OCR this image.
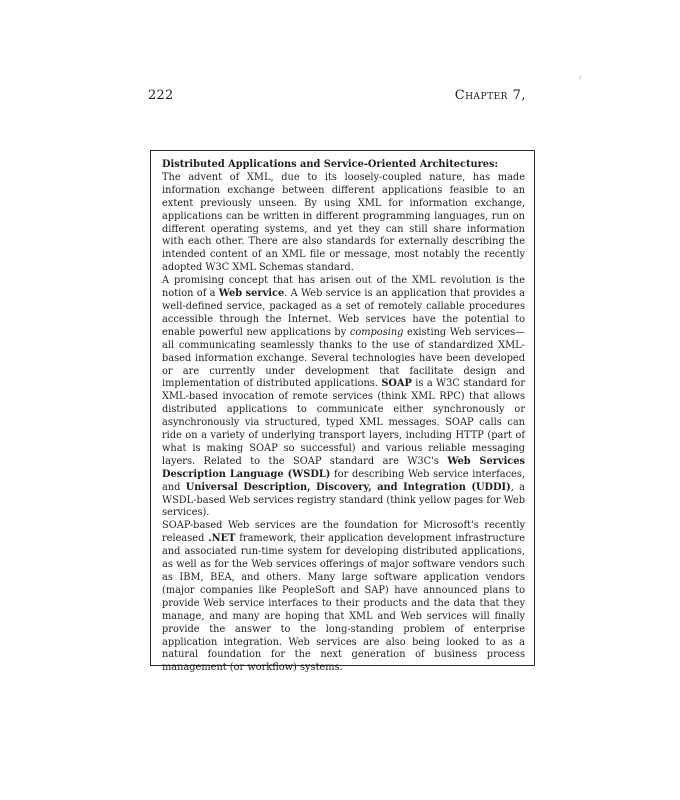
222	Chapter 7,

Distributed Applications and Service-Oriented Architectures:
The advent of XML, due to its loosely-coupled nature, has made information exchange between different applications feasible to an extent previously unseen. By using XML for information exchange, applications can be written in different programming languages, run on different operating systems, and yet they can still share information with each other. There are also standards for externally describing the intended content of an XML file or message, most notably the recently adopted W3C XML Schemas standard.

A promising concept that has arisen out of the XML revolution is the notion of a Web service. A Web service is an application that provides a well-defined service, packaged as a set of remotely callable procedures accessible through the Internet. Web services have the potential to enable powerful new applications by composing existing Web services—all communicating seamlessly thanks to the use of standardized XML-based information exchange. Several technologies have been developed or are currently under development that facilitate design and implementation of distributed applications. SOAP is a W3C standard for XML-based invocation of remote services (think XML RPC) that allows distributed applications to communicate either synchronously or asynchronously via structured, typed XML messages. SOAP calls can ride on a variety of underlying transport layers, including HTTP (part of what is making SOAP so successful) and various reliable messaging layers. Related to the SOAP standard are W3C's Web Services Description Language (WSDL) for describing Web service interfaces, and Universal Description, Discovery, and Integration (UDDI), a WSDL-based Web services registry standard (think yellow pages for Web services).

SOAP-based Web services are the foundation for Microsoft's recently released .NET framework, their application development infrastructure and associated run-time system for developing distributed applications, as well as for the Web services offerings of major software vendors such as IBM, BEA, and others. Many large software application vendors (major companies like PeopleSoft and SAP) have announced plans to provide Web service interfaces to their products and the data that they manage, and many are hoping that XML and Web services will finally provide the answer to the long-standing problem of enterprise application integration. Web services are also being looked to as a natural foundation for the next generation of business process management (or workflow) systems.
